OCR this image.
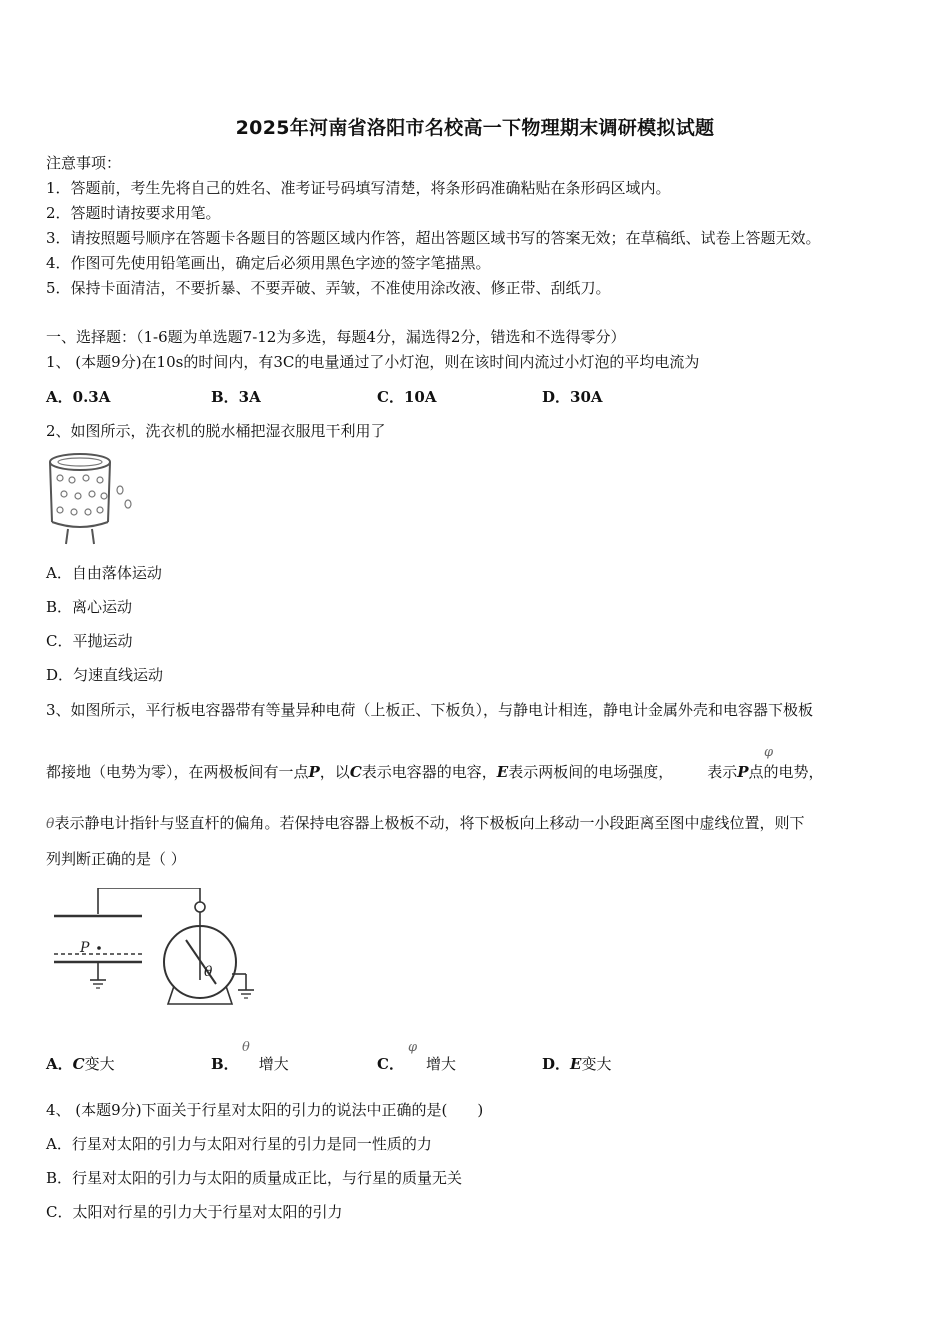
2025年河南省洛阳市名校高一下物理期末调研模拟试题
注意事项：
1．答题前，考生先将自己的姓名、准考证号码填写清楚，将条形码准确粘贴在条形码区域内。
2．答题时请按要求用笔。
3．请按照题号顺序在答题卡各题目的答题区域内作答，超出答题区域书写的答案无效；在草稿纸、试卷上答题无效。
4．作图可先使用铅笔画出，确定后必须用黑色字迹的签字笔描黑。
5．保持卡面清洁，不要折暴、不要弄破、弄皱，不准使用涂改液、修正带、刮纸刀。
一、选择题：（1-6题为单选题7-12为多选，每题4分，漏选得2分，错选和不选得零分）
1、 (本题9分)在10s的时间内，有3C的电量通过了小灯泡，则在该时间内流过小灯泡的平均电流为
A．0.3A	B．3A	C．10A	D．30A
2、如图所示，洗衣机的脱水桶把湿衣服甩干利用了
A．自由落体运动
B．离心运动
C．平抛运动
D．匀速直线运动
3、如图所示，平行板电容器带有等量异种电荷（上板正、下板负），与静电计相连，静电计金属外壳和电容器下极板
都接地（电势为零），在两极板间有一点P，以C表示电容器的电容，E表示两板间的电场强度， 表示P点的电势，
φ
θ表示静电计指针与竖直杆的偏角。若保持电容器上极板不动，将下极板向上移动一小段距离至图中虚线位置，则下
列判断正确的是（ ）
P
θ
A．C变大	B． 增大
θ
C． 增大
φ
D．E变大
4、 (本题9分)下面关于行星对太阳的引力的说法中正确的是(　　)
A．行星对太阳的引力与太阳对行星的引力是同一性质的力
B．行星对太阳的引力与太阳的质量成正比，与行星的质量无关
C．太阳对行星的引力大于行星对太阳的引力
